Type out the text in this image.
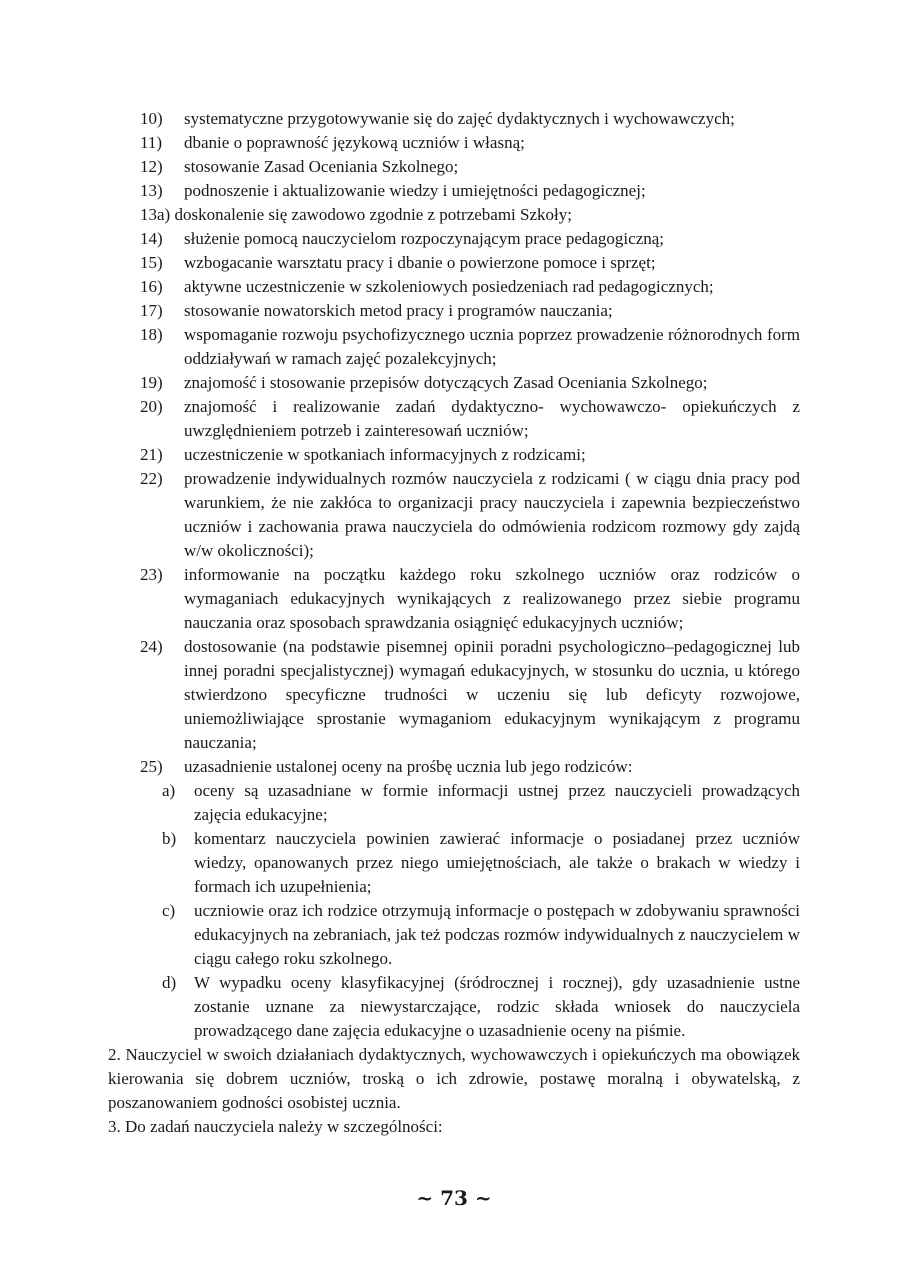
10) systematyczne przygotowywanie się do zajęć dydaktycznych i wychowawczych;
11) dbanie o poprawność językową uczniów i własną;
12) stosowanie Zasad Oceniania Szkolnego;
13) podnoszenie i aktualizowanie wiedzy i umiejętności pedagogicznej;
13a) doskonalenie się zawodowo zgodnie z potrzebami Szkoły;
14) służenie pomocą nauczycielom rozpoczynającym prace pedagogiczną;
15) wzbogacanie warsztatu pracy i dbanie o powierzone pomoce i sprzęt;
16) aktywne uczestniczenie w szkoleniowych posiedzeniach rad pedagogicznych;
17) stosowanie nowatorskich metod pracy i programów nauczania;
18) wspomaganie rozwoju psychofizycznego ucznia poprzez prowadzenie różnorodnych form oddziaływań w ramach zajęć pozalekcyjnych;
19) znajomość i stosowanie przepisów dotyczących Zasad Oceniania Szkolnego;
20) znajomość i realizowanie zadań dydaktyczno- wychowawczo- opiekuńczych z uwzględnieniem potrzeb i zainteresowań uczniów;
21) uczestniczenie w spotkaniach informacyjnych z rodzicami;
22) prowadzenie indywidualnych rozmów nauczyciela z rodzicami ( w ciągu dnia pracy pod warunkiem, że nie zakłóca to organizacji pracy nauczyciela i zapewnia bezpieczeństwo uczniów i zachowania prawa nauczyciela do odmówienia rodzicom rozmowy gdy zajdą w/w okoliczności);
23) informowanie na początku każdego roku szkolnego uczniów oraz rodziców o wymaganiach edukacyjnych wynikających z realizowanego przez siebie programu nauczania oraz sposobach sprawdzania osiągnięć edukacyjnych uczniów;
24) dostosowanie (na podstawie pisemnej opinii poradni psychologiczno–pedagogicznej lub innej poradni specjalistycznej) wymagań edukacyjnych, w stosunku do ucznia, u którego stwierdzono specyficzne trudności w uczeniu się lub deficyty rozwojowe, uniemożliwiające sprostanie wymaganiom edukacyjnym wynikającym z programu nauczania;
25) uzasadnienie ustalonej oceny na prośbę ucznia lub jego rodziców:
a) oceny są uzasadniane w formie informacji ustnej przez nauczycieli prowadzących zajęcia edukacyjne;
b) komentarz nauczyciela powinien zawierać informacje o posiadanej przez uczniów wiedzy, opanowanych przez niego umiejętnościach, ale także o brakach w wiedzy i formach ich uzupełnienia;
c) uczniowie oraz ich rodzice otrzymują informacje o postępach w zdobywaniu sprawności edukacyjnych na zebraniach, jak też podczas rozmów indywidualnych z nauczycielem w ciągu całego roku szkolnego.
d) W wypadku oceny klasyfikacyjnej (śródrocznej i rocznej), gdy uzasadnienie ustne zostanie uznane za niewystarczające, rodzic składa wniosek do nauczyciela prowadzącego dane zajęcia edukacyjne o uzasadnienie oceny na piśmie.
2. Nauczyciel w swoich działaniach dydaktycznych, wychowawczych i opiekuńczych ma obowiązek kierowania się dobrem uczniów, troską o ich zdrowie, postawę moralną i obywatelską, z poszanowaniem godności osobistej ucznia.
3. Do zadań nauczyciela należy w szczególności:
~ 73 ~
